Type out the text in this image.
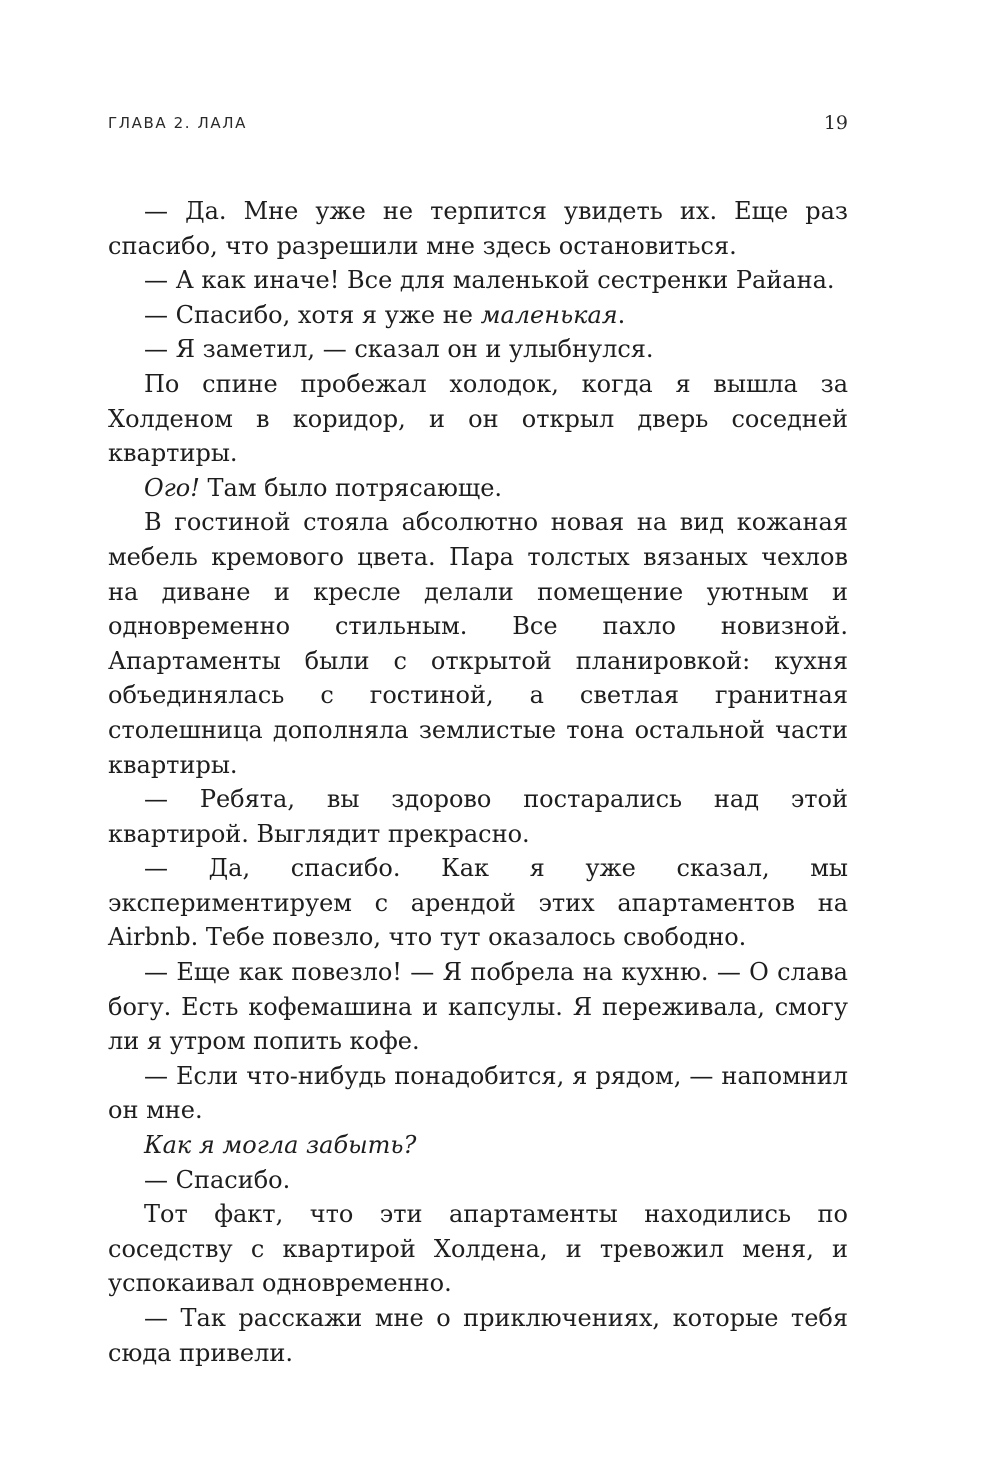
ГЛАВА 2. ЛАЛА	19

— Да. Мне уже не терпится увидеть их. Еще раз спасибо, что разрешили мне здесь остановиться.

— А как иначе! Все для маленькой сестренки Райана.

— Спасибо, хотя я уже не маленькая.

— Я заметил, — сказал он и улыбнулся.

По спине пробежал холодок, когда я вышла за Холденом в коридор, и он открыл дверь соседней квартиры.

Ого! Там было потрясающе.

В гостиной стояла абсолютно новая на вид кожаная мебель кремового цвета. Пара толстых вязаных чехлов на диване и кресле делали помещение уютным и одновременно стильным. Все пахло новизной. Апартаменты были с открытой планировкой: кухня объединялась с гостиной, а светлая гранитная столешница дополняла землистые тона остальной части квартиры.

— Ребята, вы здорово постарались над этой квартирой. Выглядит прекрасно.

— Да, спасибо. Как я уже сказал, мы экспериментируем с арендой этих апартаментов на Airbnb. Тебе повезло, что тут оказалось свободно.

— Еще как повезло! — Я побрела на кухню. — О слава богу. Есть кофемашина и капсулы. Я переживала, смогу ли я утром попить кофе.

— Если что-нибудь понадобится, я рядом, — напомнил он мне.

Как я могла забыть?

— Спасибо.

Тот факт, что эти апартаменты находились по соседству с квартирой Холдена, и тревожил меня, и успокаивал одновременно.

— Так расскажи мне о приключениях, которые тебя сюда привели.
